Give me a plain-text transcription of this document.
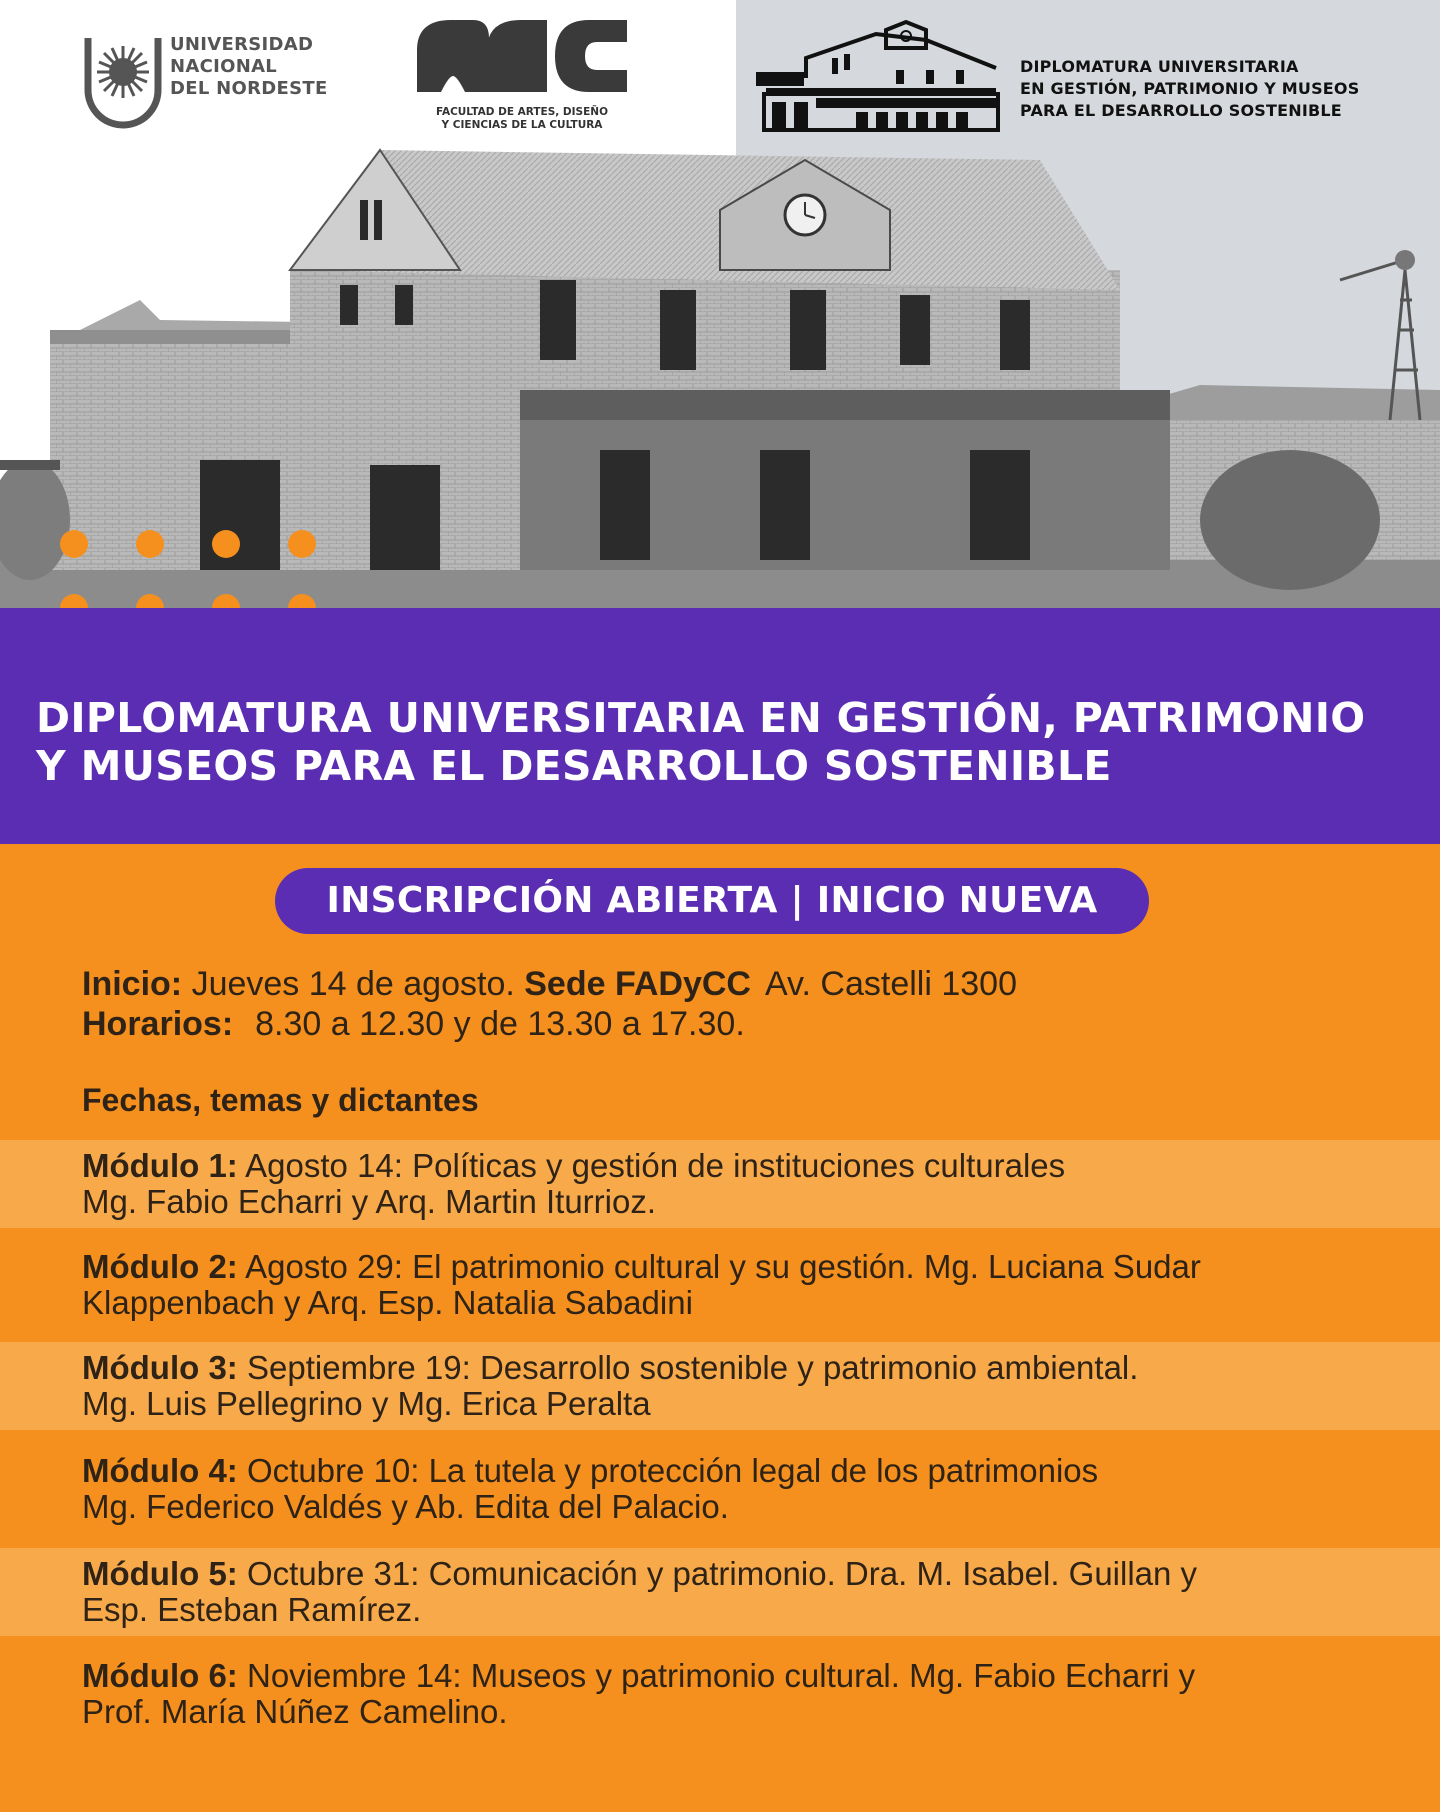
UNIVERSIDAD
NACIONAL
DEL NORDESTE
FACULTAD DE ARTES, DISEÑO
Y CIENCIAS DE LA CULTURA
DIPLOMATURA UNIVERSITARIA
EN GESTIÓN, PATRIMONIO Y MUSEOS
PARA EL DESARROLLO SOSTENIBLE
DIPLOMATURA UNIVERSITARIA EN GESTIÓN, PATRIMONIO
Y MUSEOS PARA EL DESARROLLO SOSTENIBLE
INSCRIPCIÓN ABIERTA | INICIO NUEVA
Inicio: Jueves 14 de agosto. Sede FADyCC Av. Castelli 1300
Horarios: 8.30 a 12.30 y de 13.30 a 17.30.
Fechas, temas y dictantes
Módulo 1: Agosto 14: Políticas y gestión de instituciones culturales
Mg. Fabio Echarri y Arq. Martin Iturrioz.
Módulo 2: Agosto 29: El patrimonio cultural y su gestión. Mg. Luciana Sudar
Klappenbach y Arq. Esp. Natalia Sabadini
Módulo 3: Septiembre 19: Desarrollo sostenible y patrimonio ambiental.
Mg. Luis Pellegrino y Mg. Erica Peralta
Módulo 4: Octubre 10: La tutela y protección legal de los patrimonios
Mg. Federico Valdés y Ab. Edita del Palacio.
Módulo 5: Octubre 31: Comunicación y patrimonio. Dra. M. Isabel. Guillan y
Esp. Esteban Ramírez.
Módulo 6: Noviembre 14: Museos y patrimonio cultural. Mg. Fabio Echarri y
Prof. María Núñez Camelino.
